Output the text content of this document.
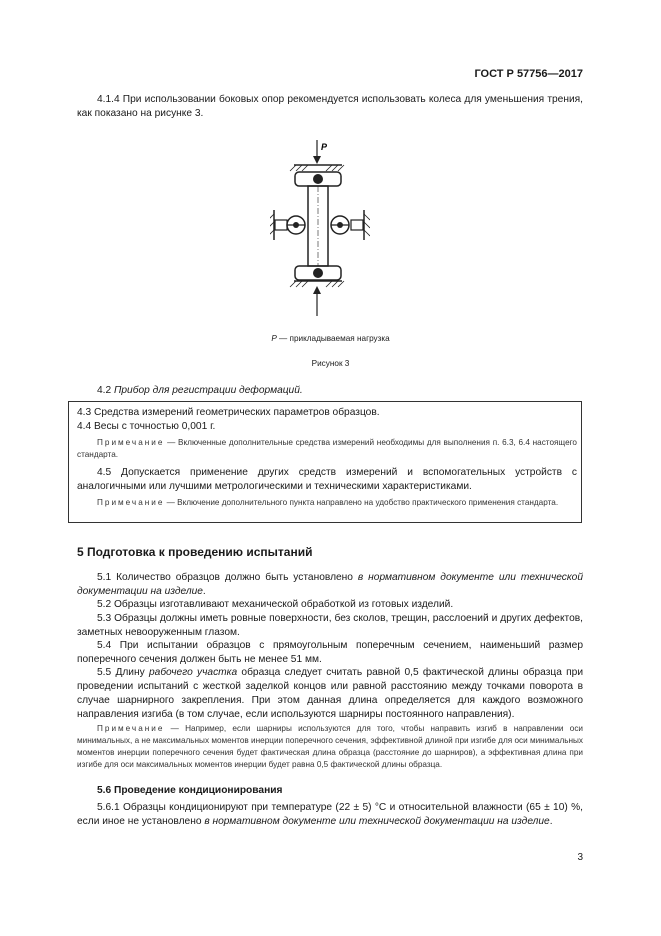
ГОСТ Р 57756—2017
4.1.4 При использовании боковых опор рекомендуется использовать колеса для уменьшения трения, как показано на рисунке 3.
P
P — прикладываемая нагрузка
Рисунок 3
4.2 Прибор для регистрации деформаций.
4.3 Средства измерений геометрических параметров образцов.
4.4 Весы с точностью 0,001 г.
Примечание — Включенные дополнительные средства измерений необходимы для выполнения п. 6.3, 6.4 настоящего стандарта.
4.5 Допускается применение других средств измерений и вспомогательных устройств с аналогичными или лучшими метрологическими и техническими характеристиками.
Примечание — Включение дополнительного пункта направлено на удобство практического применения стандарта.
5 Подготовка к проведению испытаний
5.1 Количество образцов должно быть установлено в нормативном документе или технической документации на изделие.
5.2 Образцы изготавливают механической обработкой из готовых изделий.
5.3 Образцы должны иметь ровные поверхности, без сколов, трещин, расслоений и других дефектов, заметных невооруженным глазом.
5.4 При испытании образцов с прямоугольным поперечным сечением, наименьший размер поперечного сечения должен быть не менее 51 мм.
5.5 Длину рабочего участка образца следует считать равной 0,5 фактической длины образца при проведении испытаний с жесткой заделкой концов или равной расстоянию между точками поворота в случае шарнирного закрепления. При этом данная длина определяется для каждого возможного направления изгиба (в том случае, если используются шарниры постоянного направления).
Примечание — Например, если шарниры используются для того, чтобы направить изгиб в направлении оси минимальных, а не максимальных моментов инерции поперечного сечения, эффективной длиной при изгибе для оси минимальных моментов инерции поперечного сечения будет фактическая длина образца (расстояние до шарниров), а эффективная длина при изгибе для оси максимальных моментов инерции будет равна 0,5 фактической длины образца.
5.6 Проведение кондиционирования
5.6.1 Образцы кондиционируют при температуре (22 ± 5) °С и относительной влажности (65 ± 10) %, если иное не установлено в нормативном документе или технической документации на изделие.
3
